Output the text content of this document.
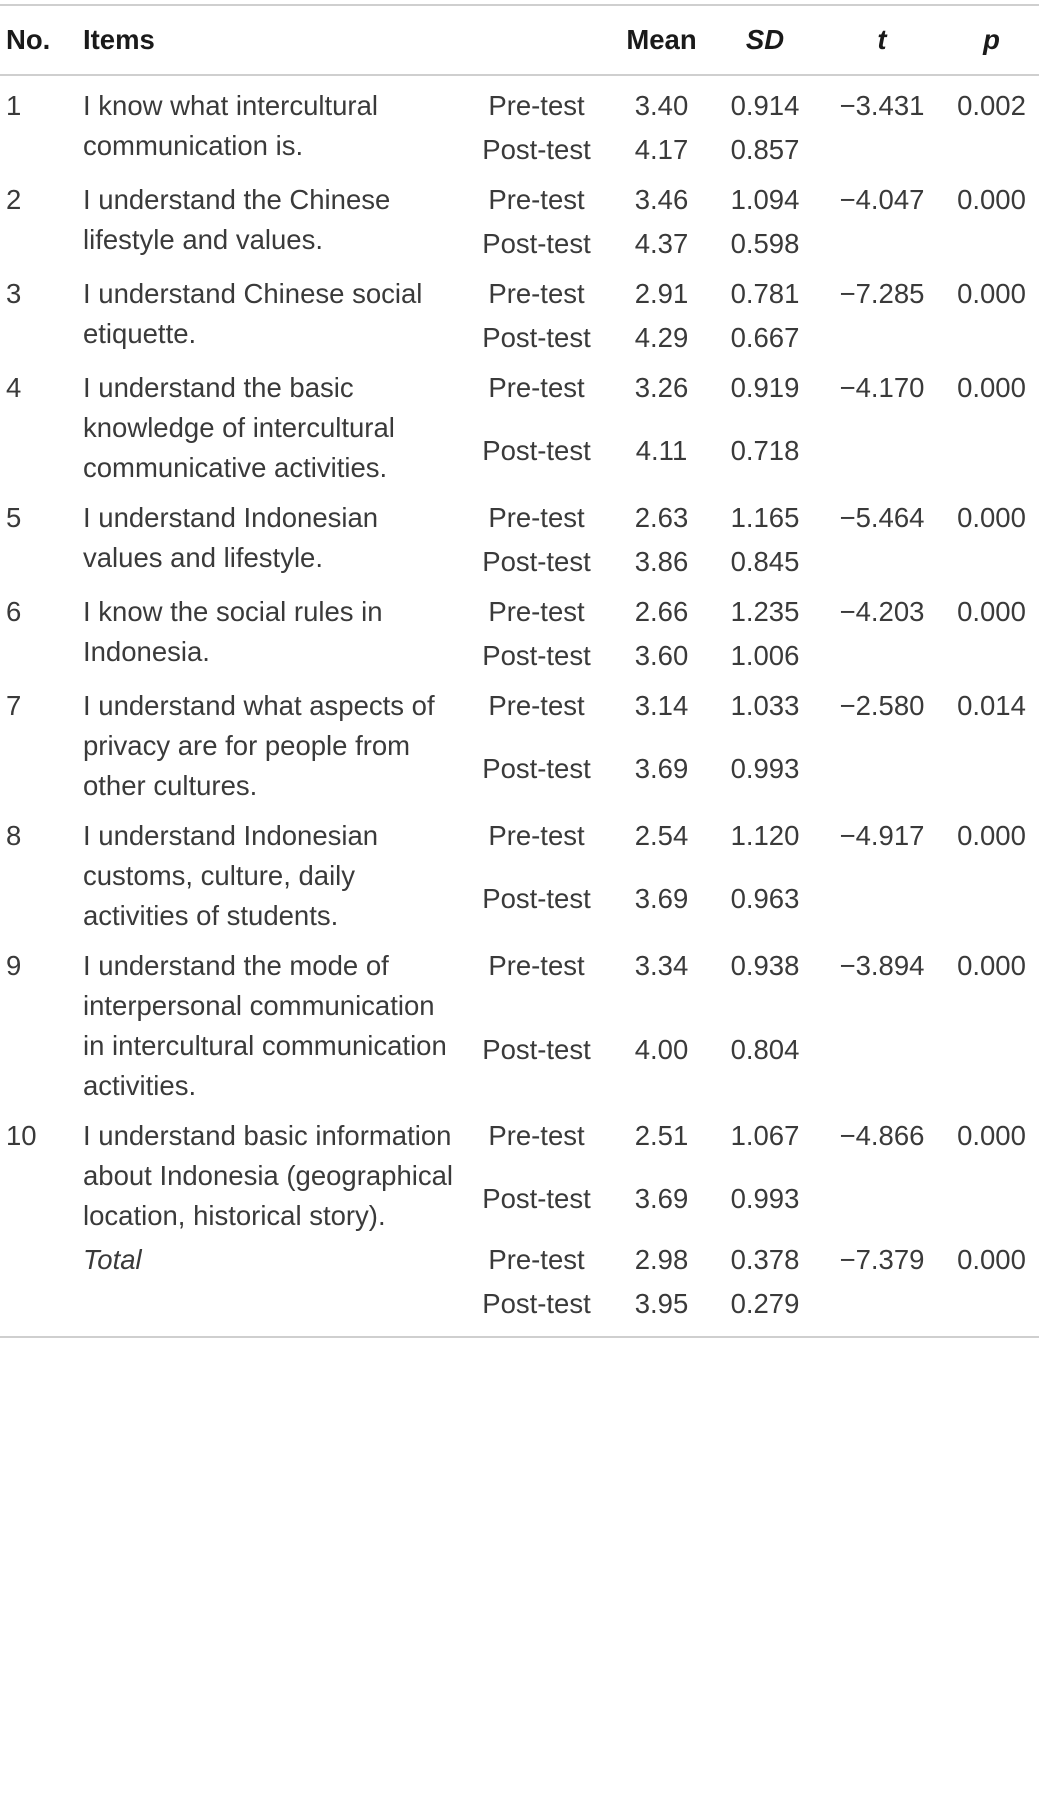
No.	Items		Mean	SD	t	p
1	I know what intercultural communication is.	Pre-test	3.40	0.914	−3.431	0.002
		Post-test	4.17	0.857		
2	I understand the Chinese lifestyle and values.	Pre-test	3.46	1.094	−4.047	0.000
		Post-test	4.37	0.598		
3	I understand Chinese social etiquette.	Pre-test	2.91	0.781	−7.285	0.000
		Post-test	4.29	0.667		
4	I understand the basic knowledge of intercultural communicative activities.	Pre-test	3.26	0.919	−4.170	0.000
		Post-test	4.11	0.718		
5	I understand Indonesian values and lifestyle.	Pre-test	2.63	1.165	−5.464	0.000
		Post-test	3.86	0.845		
6	I know the social rules in Indonesia.	Pre-test	2.66	1.235	−4.203	0.000
		Post-test	3.60	1.006		
7	I understand what aspects of privacy are for people from other cultures.	Pre-test	3.14	1.033	−2.580	0.014
		Post-test	3.69	0.993		
8	I understand Indonesian customs, culture, daily activities of students.	Pre-test	2.54	1.120	−4.917	0.000
		Post-test	3.69	0.963		
9	I understand the mode of interpersonal communication in intercultural communication activities.	Pre-test	3.34	0.938	−3.894	0.000
		Post-test	4.00	0.804		
10	I understand basic information about Indonesia (geographical location, historical story).	Pre-test	2.51	1.067	−4.866	0.000
		Post-test	3.69	0.993		
	Total	Pre-test	2.98	0.378	−7.379	0.000
		Post-test	3.95	0.279		
